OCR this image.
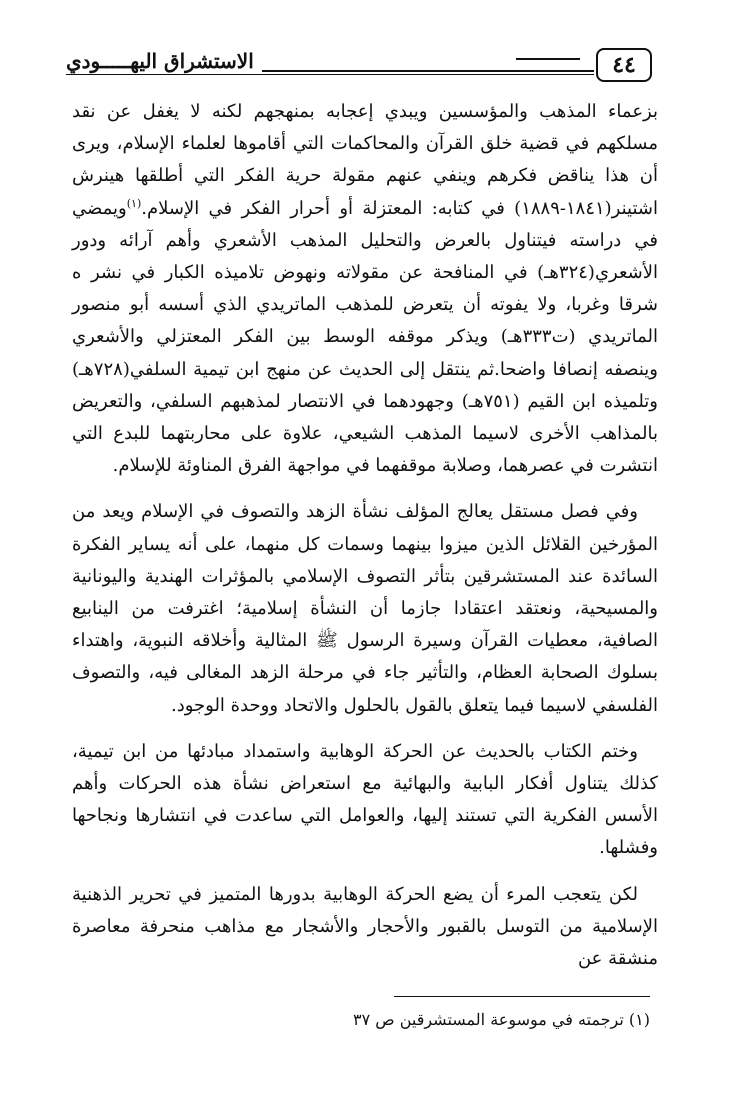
٤٤
الاستشراق اليهـــــودي

بزعماء المذهب والمؤسسين ويبدي إعجابه بمنهجهم لكنه لا يغفل عن نقد مسلكهم في قضية خلق القرآن والمحاكمات التي أقاموها لعلماء الإسلام، ويرى أن هذا يناقض فكرهم وينفي عنهم مقولة حرية الفكر التي أطلقها هينرش اشتينر(١٨٤١-١٨٨٩) في كتابه: المعتزلة أو أحرار الفكر في الإسلام.$^{(١)}$ويمضي في دراسته فيتناول بالعرض والتحليل المذهب الأشعري وأهم آرائه ودور الأشعري(٣٢٤هـ) في المنافحة عن مقولاته ونهوض تلاميذه الكبار في نشر ه شرقا وغربا، ولا يفوته أن يتعرض للمذهب الماتريدي الذي أسسه أبو منصور الماتريدي (ت٣٣٣هـ) ويذكر موقفه الوسط بين الفكر المعتزلي والأشعري وينصفه إنصافا واضحا.ثم ينتقل إلى الحديث عن منهج ابن تيمية السلفي(٧٢٨هـ) وتلميذه ابن القيم (٧٥١هـ) وجهودهما في الانتصار لمذهبهم السلفي، والتعريض بالمذاهب الأخرى لاسيما المذهب الشيعي، علاوة على محاربتهما للبدع التي انتشرت في عصرهما، وصلابة موقفهما في مواجهة الفرق المناوئة للإسلام.

وفي فصل مستقل يعالج المؤلف نشأة الزهد والتصوف في الإسلام ويعد من المؤرخين القلائل الذين ميزوا بينهما وسمات كل منهما، على أنه يساير الفكرة السائدة عند المستشرقين بتأثر التصوف الإسلامي بالمؤثرات الهندية واليونانية والمسيحية، ونعتقد اعتقادا جازما أن النشأة إسلامية؛ اغترفت من الينابيع الصافية، معطيات القرآن وسيرة الرسول ﷺ المثالية وأخلاقه النبوية، واهتداء بسلوك الصحابة العظام، والتأثير جاء في مرحلة الزهد المغالى فيه، والتصوف الفلسفي لاسيما فيما يتعلق بالقول بالحلول والاتحاد ووحدة الوجود.

وختم الكتاب بالحديث عن الحركة الوهابية واستمداد مبادئها من ابن تيمية، كذلك يتناول أفكار البابية والبهائية مع استعراض نشأة هذه الحركات وأهم الأسس الفكرية التي تستند إليها، والعوامل التي ساعدت في انتشارها ونجاحها وفشلها.

لكن يتعجب المرء أن يضع الحركة الوهابية بدورها المتميز في تحرير الذهنية الإسلامية من التوسل بالقبور والأحجار والأشجار مع مذاهب منحرفة معاصرة منشقة عن

(١) ترجمته في موسوعة المستشرقين ص ٣٧
